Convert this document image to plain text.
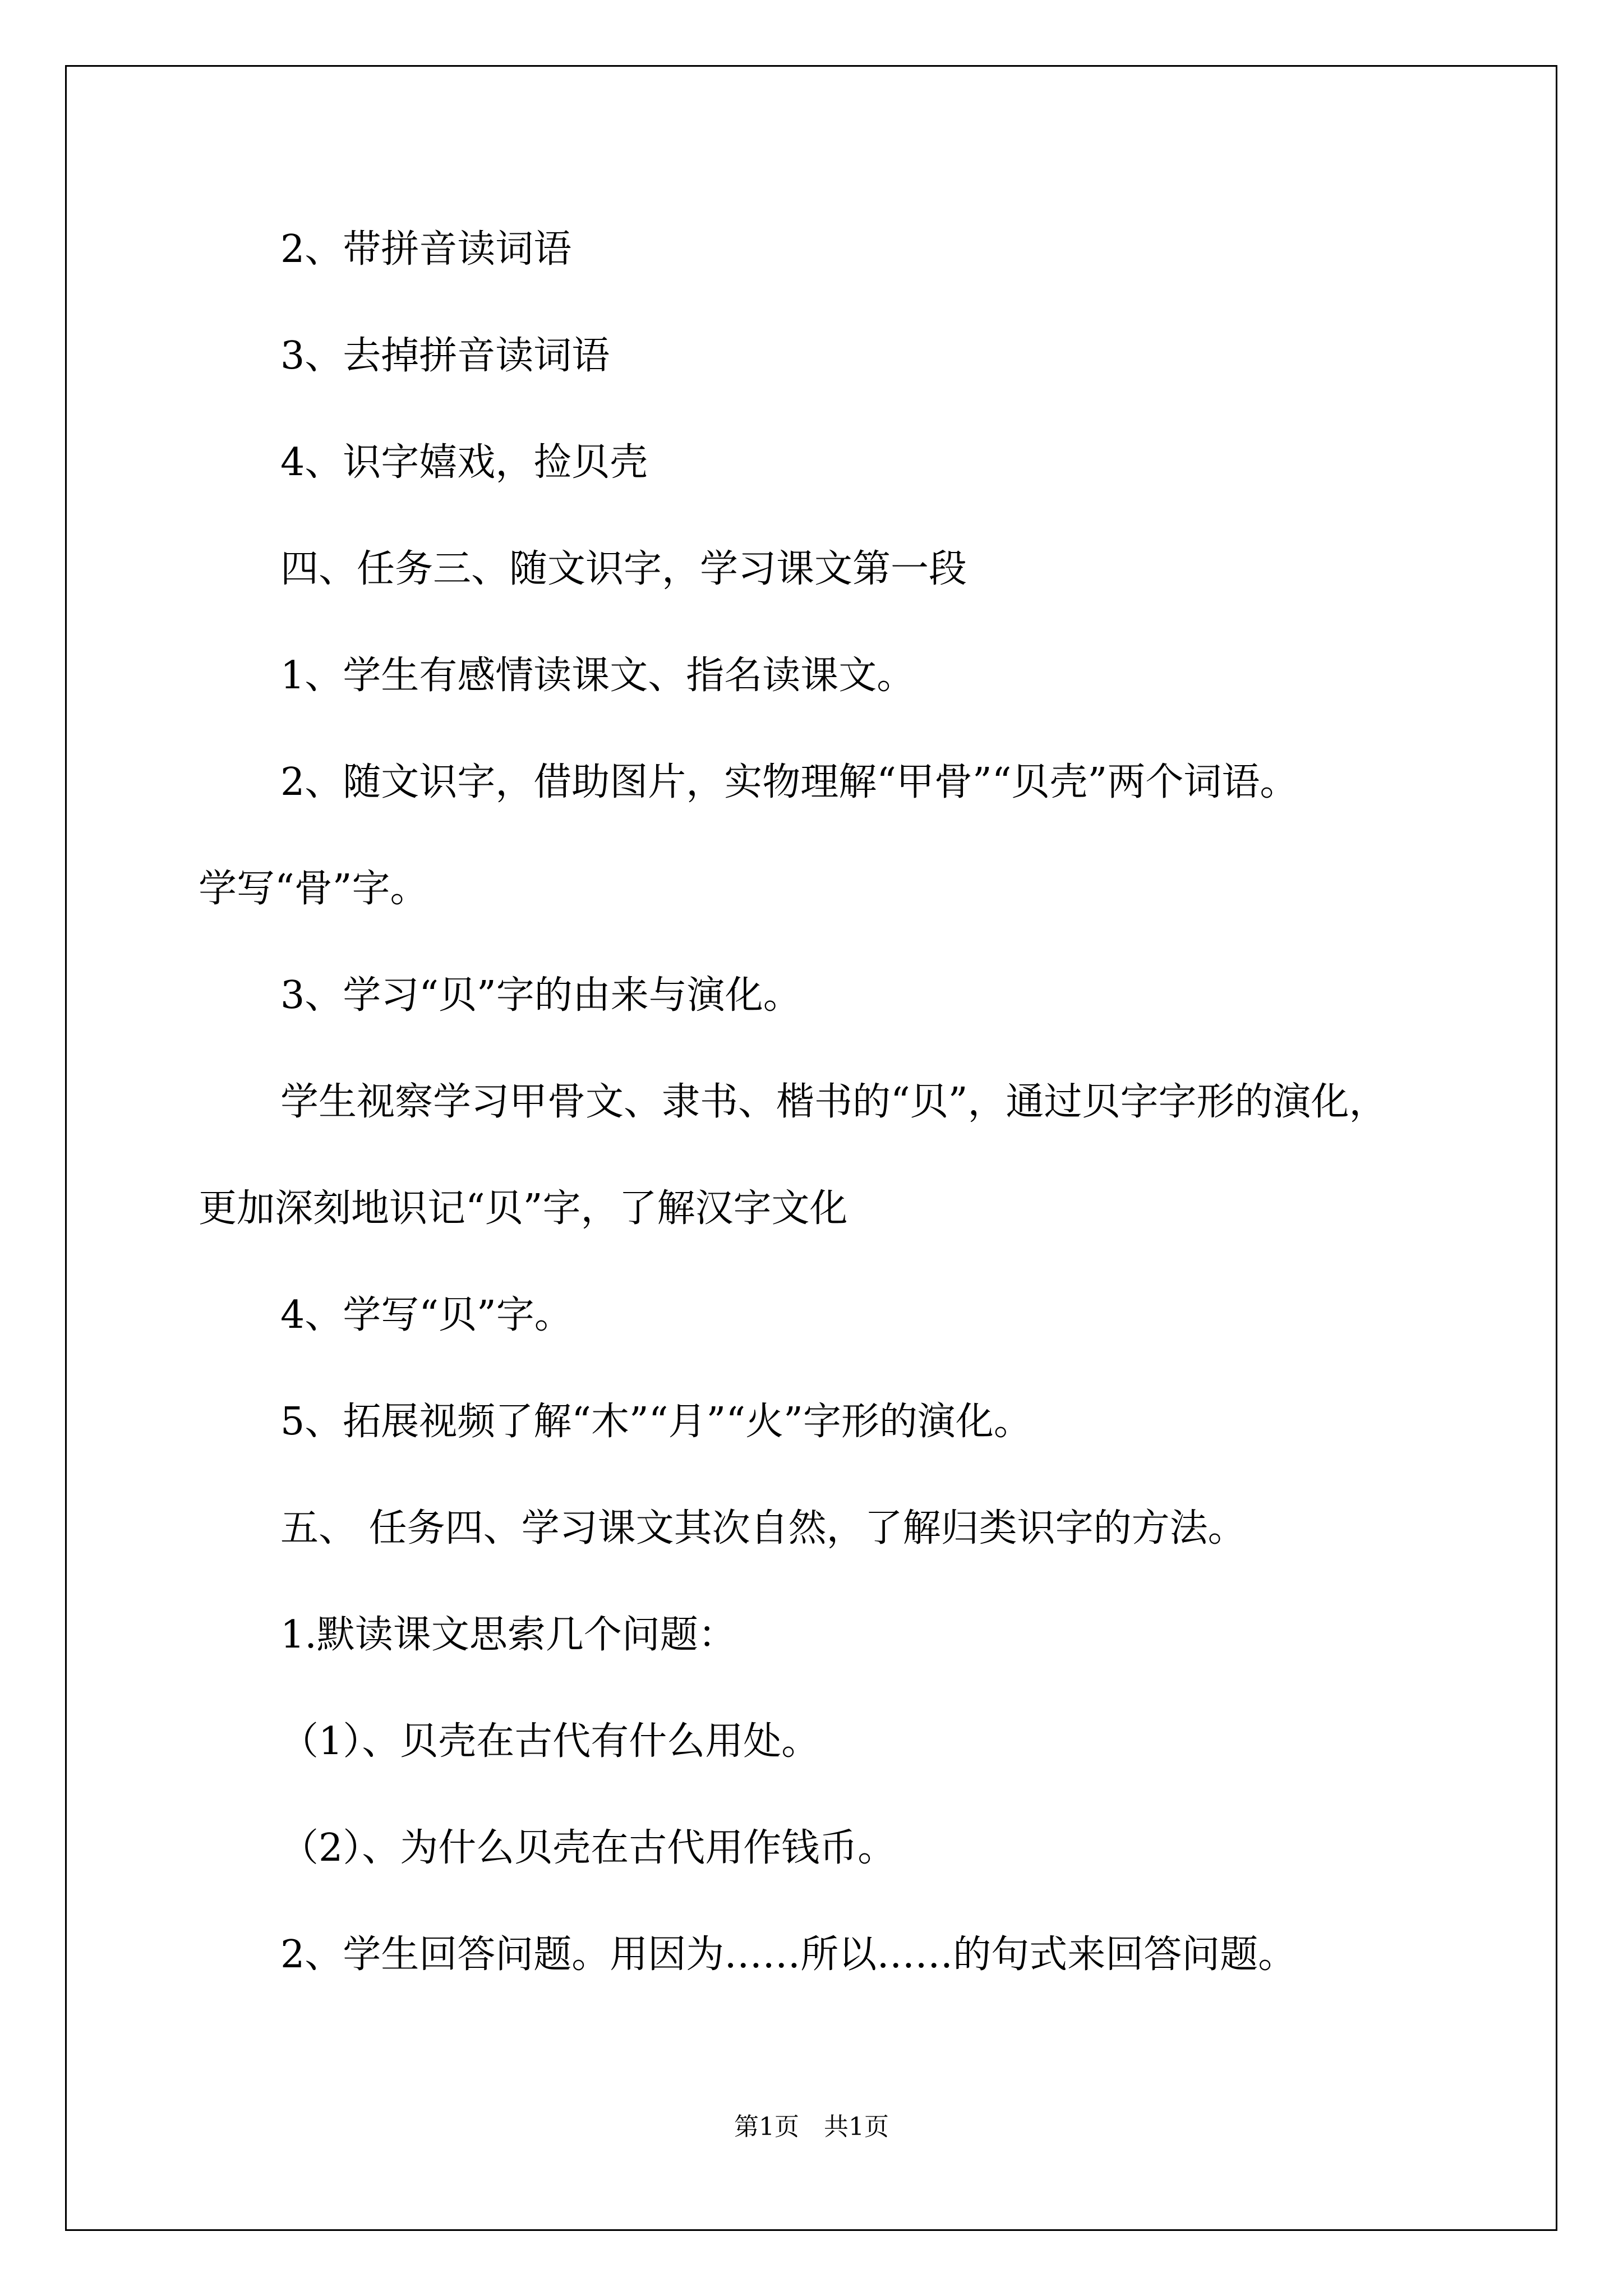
2、带拼音读词语
3、去掉拼音读词语
4、识字嬉戏，捡贝壳
四、任务三、随文识字，学习课文第一段
1、学生有感情读课文、指名读课文。
2、随文识字，借助图片，实物理解“甲骨”“贝壳”两个词语。
学写“骨”字。
3、学习“贝”字的由来与演化。
学生视察学习甲骨文、隶书、楷书的“贝”，通过贝字字形的演化，
更加深刻地识记“贝”字，了解汉字文化
4、学写“贝”字。
5、拓展视频了解“木”“月”“火”字形的演化。
五、 任务四、学习课文其次自然，了解归类识字的方法。
1.默读课文思索几个问题：
（1）、贝壳在古代有什么用处。
（2）、为什么贝壳在古代用作钱币。
2、学生回答问题。用因为……所以……的句式来回答问题。
第1页　共1页
